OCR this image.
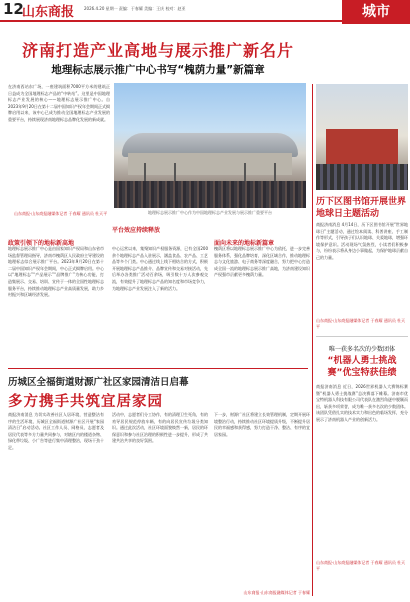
12
山东商报 2026.4.20 星期一 责编：于春耀 美编：王庆 校对：赵亚	城市
济南打造产业高地与展示推广新名片
地理标志展示推广中心书写“槐荫力量”新篇章
在济南西站东广场，一座建筑面积7000平方米的建筑正日益成为全国地理标志产品的“中转站”。这里是中国地理标志产业发展的核心——地理标志展示推广中心。自2023年9月20日在第十二届中国知识产权年会期间正式揭牌启用以来，该中心已成为推动全国地理标志产业发展的重要平台，持续展现济南地理标志品牌化发展的新成就。
山东商报·山东商报融媒体记者 于春耀 通讯员 杜天平	地理标志展示推广中心作为中国地理标志产业发展与展示推广重要平台
政策引领下的地标新高地
平台效应持续释放
面向未来的地标新篇章
地理标志展示推广中心是由国家知识产权局和山东省市场监督管理局指导，济南市槐荫区人民政府主导建设的地理标志综合展示推广平台。2023年9月20日在第十二届中国知识产权年会期间，中心正式揭牌启用。中心以“地理标志”“产品展示”“品牌推广”为核心功能，打造集展示、交易、培训、宣传于一体的全国性地理标志服务平台，持续推动地理标志产业高质量发展，助力乡村振兴和区域经济发展。
中心运营以来，集聚知识产权服务资源，已有全国200余个地理标志产品入驻展示，涵盖食品、农产品、工艺品等多个门类。中心通过线上线下相结合的方式，积极开展地理标志产品推介、品牌宣传和交易对接活动，先后举办各类推广活动百余场，吸引数十万人次参观交流，有效提升了地理标志产品的知名度和市场竞争力，为地理标志产业发展注入了新的活力。
槐荫区将以地理标志展示推广中心为依托，进一步完善服务体系，强化品牌培育，深化区域合作，推动地理标志与文化旅游、电子商务等深度融合，努力把中心打造成全国一流的地理标志展示推广高地，为济南建设知识产权强市贡献更多槐荫力量。
历城区全福街道财源广社区家园清洁日启幕
多方携手共筑宜居家园
商报济南消息 为切实改善社区人居环境，营造整洁有序的生活环境，历城区全福街道财源广社区开展“家园清洁日”启动活动。社区工作人员、网格员、志愿者及居民代表等多方力量共同参与，对辖区内的楼道杂物、绿化带垃圾、小广告等进行集中清理整治，现场干劲十足。
活动中，志愿者们分工协作，有的清理卫生死角，有的劝导居民规范停放车辆，有的向居民宣传垃圾分类知识。通过此次活动，社区环境面貌焕然一新，居民的环保意识和参与社区治理的积极性进一步提升，形成了共建共治共享的良好氛围。
下一步，财源广社区将建立长效管理机制，定期开展环境整治行动，持续推动社区环境提质升级，不断提升居民的幸福感和获得感，努力打造干净、整洁、有序的宜居家园。
山东商报·山东商报融媒体记者 于春耀
历下区图书馆开展世界地球日主题活动
商报济南消息 4月14日，历下区图书馆开展“世界地球日”主题活动，通过绘本阅读、科普讲座、手工制作等形式，引导孩子们认识地球、关爱地球，增强环境保护意识。活动现场气氛热烈，小读者们积极参与，纷纷表示将从身边小事做起，为保护地球贡献自己的力量。
山东商报·山东商报融媒体记者 于春耀 通讯员 杜天平
唯一获多名次的少数团体
“机器人勇士挑战赛”优宝特获佳绩
商报济南消息 近日，2026世界机器人大赛锦标赛暨“机器人勇士挑战赛”总决赛落下帷幕。济南市优宝特机器人科技有限公司代表队在激烈角逐中脱颖而出，斩获多项荣誉，成为唯一获多名次的少数团体。该团队凭借扎实的技术实力和出色的临场发挥，充分展示了济南机器人产业的创新活力。
山东商报·山东商报融媒体记者 于春耀 通讯员 杜天平
